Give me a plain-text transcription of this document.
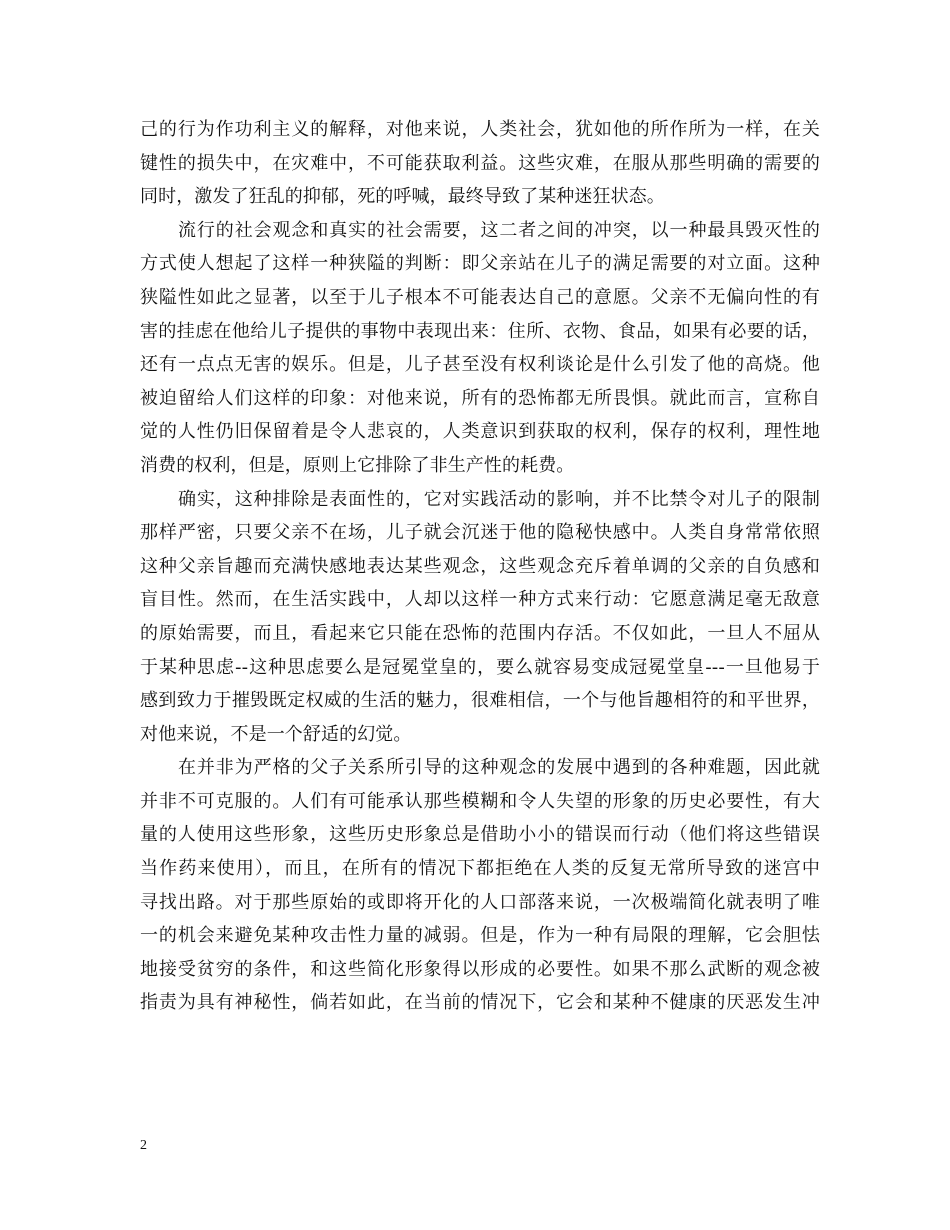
己的行为作功利主义的解释，对他来说，人类社会，犹如他的所作所为一样，在关
键性的损失中，在灾难中，不可能获取利益。这些灾难，在服从那些明确的需要的
同时，激发了狂乱的抑郁，死的呼喊，最终导致了某种迷狂状态。
流行的社会观念和真实的社会需要，这二者之间的冲突，以一种最具毁灭性的
方式使人想起了这样一种狭隘的判断：即父亲站在儿子的满足需要的对立面。这种
狭隘性如此之显著，以至于儿子根本不可能表达自己的意愿。父亲不无偏向性的有
害的挂虑在他给儿子提供的事物中表现出来：住所、衣物、食品，如果有必要的话，
还有一点点无害的娱乐。但是，儿子甚至没有权利谈论是什么引发了他的高烧。他
被迫留给人们这样的印象：对他来说，所有的恐怖都无所畏惧。就此而言，宣称自
觉的人性仍旧保留着是令人悲哀的，人类意识到获取的权利，保存的权利，理性地
消费的权利，但是，原则上它排除了非生产性的耗费。
确实，这种排除是表面性的，它对实践活动的影响，并不比禁令对儿子的限制
那样严密，只要父亲不在场，儿子就会沉迷于他的隐秘快感中。人类自身常常依照
这种父亲旨趣而充满快感地表达某些观念，这些观念充斥着单调的父亲的自负感和
盲目性。然而，在生活实践中，人却以这样一种方式来行动：它愿意满足毫无敌意
的原始需要，而且，看起来它只能在恐怖的范围内存活。不仅如此，一旦人不屈从
于某种思虑--这种思虑要么是冠冕堂皇的，要么就容易变成冠冕堂皇---一旦他易于
感到致力于摧毁既定权威的生活的魅力，很难相信，一个与他旨趣相符的和平世界，
对他来说，不是一个舒适的幻觉。
在并非为严格的父子关系所引导的这种观念的发展中遇到的各种难题，因此就
并非不可克服的。人们有可能承认那些模糊和令人失望的形象的历史必要性，有大
量的人使用这些形象，这些历史形象总是借助小小的错误而行动（他们将这些错误
当作药来使用），而且，在所有的情况下都拒绝在人类的反复无常所导致的迷宫中
寻找出路。对于那些原始的或即将开化的人口部落来说，一次极端简化就表明了唯
一的机会来避免某种攻击性力量的减弱。但是，作为一种有局限的理解，它会胆怯
地接受贫穷的条件，和这些简化形象得以形成的必要性。如果不那么武断的观念被
指责为具有神秘性，倘若如此，在当前的情况下，它会和某种不健康的厌恶发生冲
2
